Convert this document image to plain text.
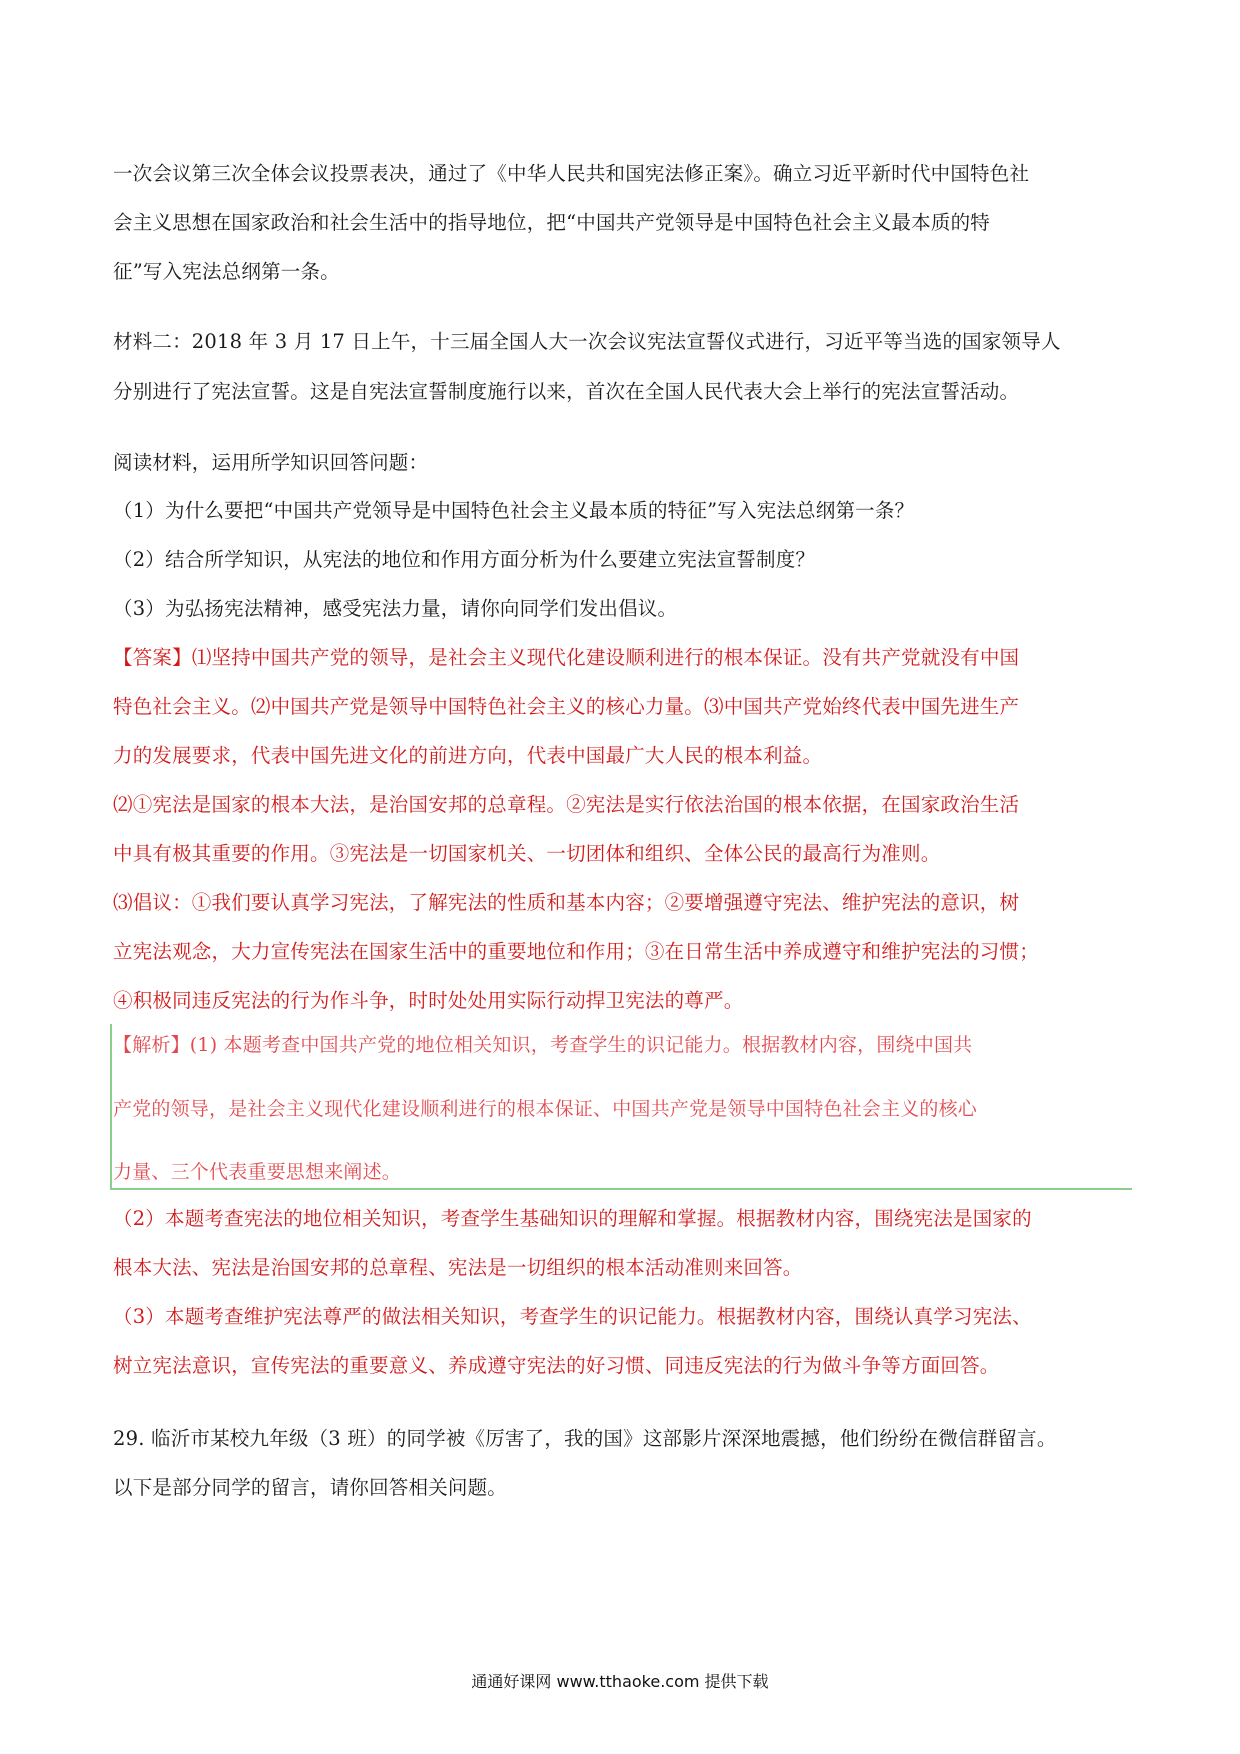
一次会议第三次全体会议投票表决，通过了《中华人民共和国宪法修正案》。确立习近平新时代中国特色社
会主义思想在国家政治和社会生活中的指导地位，把“中国共产党领导是中国特色社会主义最本质的特
征”写入宪法总纲第一条。
材料二：2018 年 3 月 17 日上午，十三届全国人大一次会议宪法宣誓仪式进行，习近平等当选的国家领导人
分别进行了宪法宣誓。这是自宪法宣誓制度施行以来，首次在全国人民代表大会上举行的宪法宣誓活动。
阅读材料，运用所学知识回答问题：
（1）为什么要把“中国共产党领导是中国特色社会主义最本质的特征”写入宪法总纲第一条？
（2）结合所学知识，从宪法的地位和作用方面分析为什么要建立宪法宣誓制度？
（3）为弘扬宪法精神，感受宪法力量，请你向同学们发出倡议。
【答案】⑴坚持中国共产党的领导，是社会主义现代化建设顺利进行的根本保证。没有共产党就没有中国
特色社会主义。⑵中国共产党是领导中国特色社会主义的核心力量。⑶中国共产党始终代表中国先进生产
力的发展要求，代表中国先进文化的前进方向，代表中国最广大人民的根本利益。
⑵①宪法是国家的根本大法，是治国安邦的总章程。②宪法是实行依法治国的根本依据，在国家政治生活
中具有极其重要的作用。③宪法是一切国家机关、一切团体和组织、全体公民的最高行为准则。
⑶倡议：①我们要认真学习宪法，了解宪法的性质和基本内容；②要增强遵守宪法、维护宪法的意识，树
立宪法观念，大力宣传宪法在国家生活中的重要地位和作用；③在日常生活中养成遵守和维护宪法的习惯；
④积极同违反宪法的行为作斗争，时时处处用实际行动捍卫宪法的尊严。
【解析】(1) 本题考查中国共产党的地位相关知识，考查学生的识记能力。根据教材内容，围绕中国共
产党的领导，是社会主义现代化建设顺利进行的根本保证、中国共产党是领导中国特色社会主义的核心
力量、三个代表重要思想来阐述。
（2）本题考查宪法的地位相关知识，考查学生基础知识的理解和掌握。根据教材内容，围绕宪法是国家的
根本大法、宪法是治国安邦的总章程、宪法是一切组织的根本活动准则来回答。
（3）本题考查维护宪法尊严的做法相关知识，考查学生的识记能力。根据教材内容，围绕认真学习宪法、
树立宪法意识，宣传宪法的重要意义、养成遵守宪法的好习惯、同违反宪法的行为做斗争等方面回答。
29. 临沂市某校九年级（3 班）的同学被《厉害了，我的国》这部影片深深地震撼，他们纷纷在微信群留言。
以下是部分同学的留言，请你回答相关问题。
通通好课网 www.tthaoke.com 提供下载
